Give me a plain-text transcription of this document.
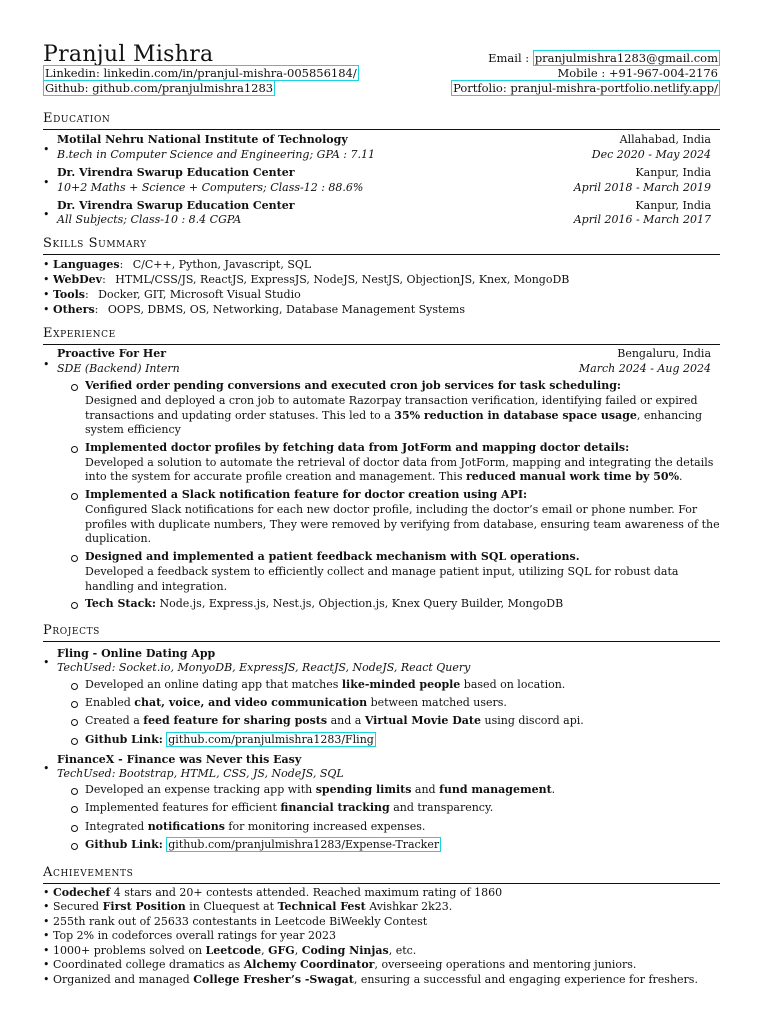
Pranjul Mishra
Linkedin: linkedin.com/in/pranjul-mishra-005856184/
Github: github.com/pranjulmishra1283
Email : pranjulmishra1283@gmail.com
Mobile : +91-967-004-2176
Portfolio: pranjul-mishra-portfolio.netlify.app/
Education
•
Motilal Nehru National Institute of Technology	Allahabad, India
B.tech in Computer Science and Engineering; GPA : 7.11	Dec 2020 - May 2024
•
Dr. Virendra Swarup Education Center	Kanpur, India
10+2 Maths + Science + Computers; Class-12 : 88.6%	April 2018 - March 2019
•
Dr. Virendra Swarup Education Center	Kanpur, India
All Subjects; Class-10 : 8.4 CGPA	April 2016 - March 2017
Skills Summary
• Languages: C/C++, Python, Javascript, SQL
• WebDev: HTML/CSS/JS, ReactJS, ExpressJS, NodeJS, NestJS, ObjectionJS, Knex, MongoDB
• Tools: Docker, GIT, Microsoft Visual Studio
• Others: OOPS, DBMS, OS, Networking, Database Management Systems
Experience
•
Proactive For Her	Bengaluru, India
SDE (Backend) Intern	March 2024 - Aug 2024
Verified order pending conversions and executed cron job services for task scheduling:
Designed and deployed a cron job to automate Razorpay transaction verification, identifying failed or expired
transactions and updating order statuses. This led to a 35% reduction in database space usage, enhancing
system efficiency
Implemented doctor profiles by fetching data from JotForm and mapping doctor details:
Developed a solution to automate the retrieval of doctor data from JotForm, mapping and integrating the details
into the system for accurate profile creation and management. This reduced manual work time by 50%.
Implemented a Slack notification feature for doctor creation using API:
Configured Slack notifications for each new doctor profile, including the doctor’s email or phone number. For
profiles with duplicate numbers, They were removed by verifying from database, ensuring team awareness of the
duplication.
Designed and implemented a patient feedback mechanism with SQL operations.
Developed a feedback system to efficiently collect and manage patient input, utilizing SQL for robust data
handling and integration.
Tech Stack: Node.js, Express.js, Nest.js, Objection.js, Knex Query Builder, MongoDB
Projects
•
Fling - Online Dating App
TechUsed: Socket.io, MonyoDB, ExpressJS, ReactJS, NodeJS, React Query
Developed an online dating app that matches like-minded people based on location.
Enabled chat, voice, and video communication between matched users.
Created a feed feature for sharing posts and a Virtual Movie Date using discord api.
Github Link: github.com/pranjulmishra1283/Fling
•
FinanceX - Finance was Never this Easy
TechUsed: Bootstrap, HTML, CSS, JS, NodeJS, SQL
Developed an expense tracking app with spending limits and fund management.
Implemented features for efficient financial tracking and transparency.
Integrated notifications for monitoring increased expenses.
Github Link: github.com/pranjulmishra1283/Expense-Tracker
Achievements
• Codechef 4 stars and 20+ contests attended. Reached maximum rating of 1860
• Secured First Position in Cluequest at Technical Fest Avishkar 2k23.
• 255th rank out of 25633 contestants in Leetcode BiWeekly Contest
• Top 2% in codeforces overall ratings for year 2023
• 1000+ problems solved on Leetcode, GFG, Coding Ninjas, etc.
• Coordinated college dramatics as Alchemy Coordinator, overseeing operations and mentoring juniors.
• Organized and managed College Fresher’s -Swagat, ensuring a successful and engaging experience for freshers.
